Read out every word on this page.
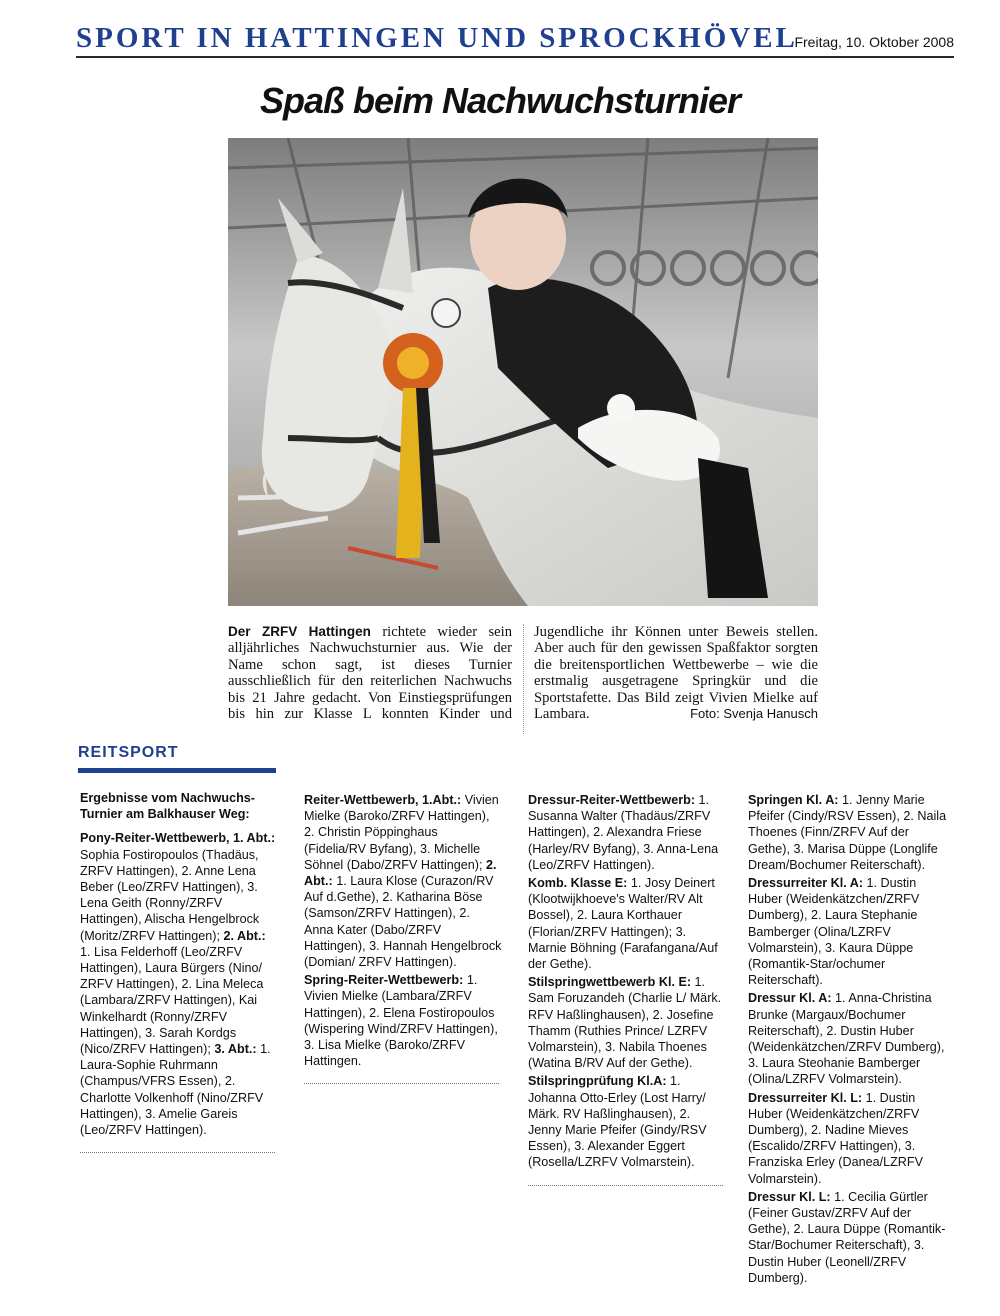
SPORT IN HATTINGEN UND SPROCKHÖVEL
Freitag, 10. Oktober 2008
Spaß beim Nachwuchsturnier
Der ZRFV Hattingen richtete wieder sein alljährliches Nachwuchsturnier aus. Wie der Name schon sagt, ist dieses Turnier ausschließlich für den reiterlichen Nachwuchs bis 21 Jahre gedacht. Von Einstiegsprüfungen bis hin zur Klasse L konnten Kinder und Jugendliche ihr Können unter Beweis stellen. Aber auch für den gewissen Spaßfaktor sorgten die breitensportlichen Wettbewerbe – wie die erstmalig ausgetragene Springkür und die Sportstafette. Das Bild zeigt Vivien Mielke auf Lambara.	Foto: Svenja Hanusch
REITSPORT

Ergebnisse vom Nachwuchs-Turnier am Balkhauser Weg:

Pony-Reiter-Wettbewerb, 1. Abt.: Sophia Fostiropoulos (Thadäus, ZRFV Hattingen), 2. Anne Lena Beber (Leo/ZRFV Hattingen), 3. Lena Geith (Ronny/ZRFV Hattingen), Alischa Hengelbrock (Moritz/ZRFV Hattingen); 2. Abt.: 1. Lisa Felderhoff (Leo/ZRFV Hattingen), Laura Bürgers (Nino/ ZRFV Hattingen), 2. Lina Meleca (Lambara/ZRFV Hattingen), Kai Winkelhardt (Ronny/ZRFV Hattingen), 3. Sarah Kordgs (Nico/ZRFV Hattingen); 3. Abt.: 1. Laura-Sophie Ruhrmann (Champus/VFRS Essen), 2. Charlotte Volkenhoff (Nino/ZRFV Hattingen), 3. Amelie Gareis (Leo/ZRFV Hattingen).

Reiter-Wettbewerb, 1.Abt.: Vivien Mielke (Baroko/ZRFV Hattingen), 2. Christin Pöppinghaus (Fidelia/RV Byfang), 3. Michelle Söhnel (Dabo/ZRFV Hattingen); 2. Abt.: 1. Laura Klose (Curazon/RV Auf d.Gethe), 2. Katharina Böse (Samson/ZRFV Hattingen), 2. Anna Kater (Dabo/ZRFV Hattingen), 3. Hannah Hengelbrock (Domian/ ZRFV Hattingen).

Spring-Reiter-Wettbewerb: 1. Vivien Mielke (Lambara/ZRFV Hattingen), 2. Elena Fostiropoulos (Wispering Wind/ZRFV Hattingen), 3. Lisa Mielke (Baroko/ZRFV Hattingen.

Dressur-Reiter-Wettbewerb: 1. Susanna Walter (Thadäus/ZRFV Hattingen), 2. Alexandra Friese (Harley/RV Byfang), 3. Anna-Lena (Leo/ZRFV Hattingen).

Komb. Klasse E: 1. Josy Deinert (Klootwijkhoeve's Walter/RV Alt Bossel), 2. Laura Korthauer (Florian/ZRFV Hattingen); 3. Marnie Böhning (Farafangana/Auf der Gethe).

Stilspringwettbewerb Kl. E: 1. Sam Foruzandeh (Charlie L/ Märk. RFV Haßlinghausen), 2. Josefine Thamm (Ruthies Prince/ LZRFV Volmarstein), 3. Nabila Thoenes (Watina B/RV Auf der Gethe).

Stilspringprüfung Kl.A: 1. Johanna Otto-Erley (Lost Harry/ Märk. RV Haßlinghausen), 2. Jenny Marie Pfeifer (Gindy/RSV Essen), 3. Alexander Eggert (Rosella/LZRFV Volmarstein).

Springen Kl. A: 1. Jenny Marie Pfeifer (Cindy/RSV Essen), 2. Naila Thoenes (Finn/ZRFV Auf der Gethe), 3. Marisa Düppe (Longlife Dream/Bochumer Reiterschaft).

Dressurreiter Kl. A: 1. Dustin Huber (Weidenkätzchen/ZRFV Dumberg), 2. Laura Stephanie Bamberger (Olina/LZRFV Volmarstein), 3. Kaura Düppe (Romantik-Star/ochumer Reiterschaft).

Dressur Kl. A: 1. Anna-Christina Brunke (Margaux/Bochumer Reiterschaft), 2. Dustin Huber (Weidenkätzchen/ZRFV Dumberg), 3. Laura Steohanie Bamberger (Olina/LZRFV Volmarstein).

Dressurreiter Kl. L: 1. Dustin Huber (Weidenkätzchen/ZRFV Dumberg), 2. Nadine Mieves (Escalido/ZRFV Hattingen), 3. Franziska Erley (Danea/LZRFV Volmarstein).

Dressur Kl. L: 1. Cecilia Gürtler (Feiner Gustav/ZRFV Auf der Gethe), 2. Laura Düppe (Romantik-Star/Bochumer Reiterschaft), 3. Dustin Huber (Leonell/ZRFV Dumberg).
